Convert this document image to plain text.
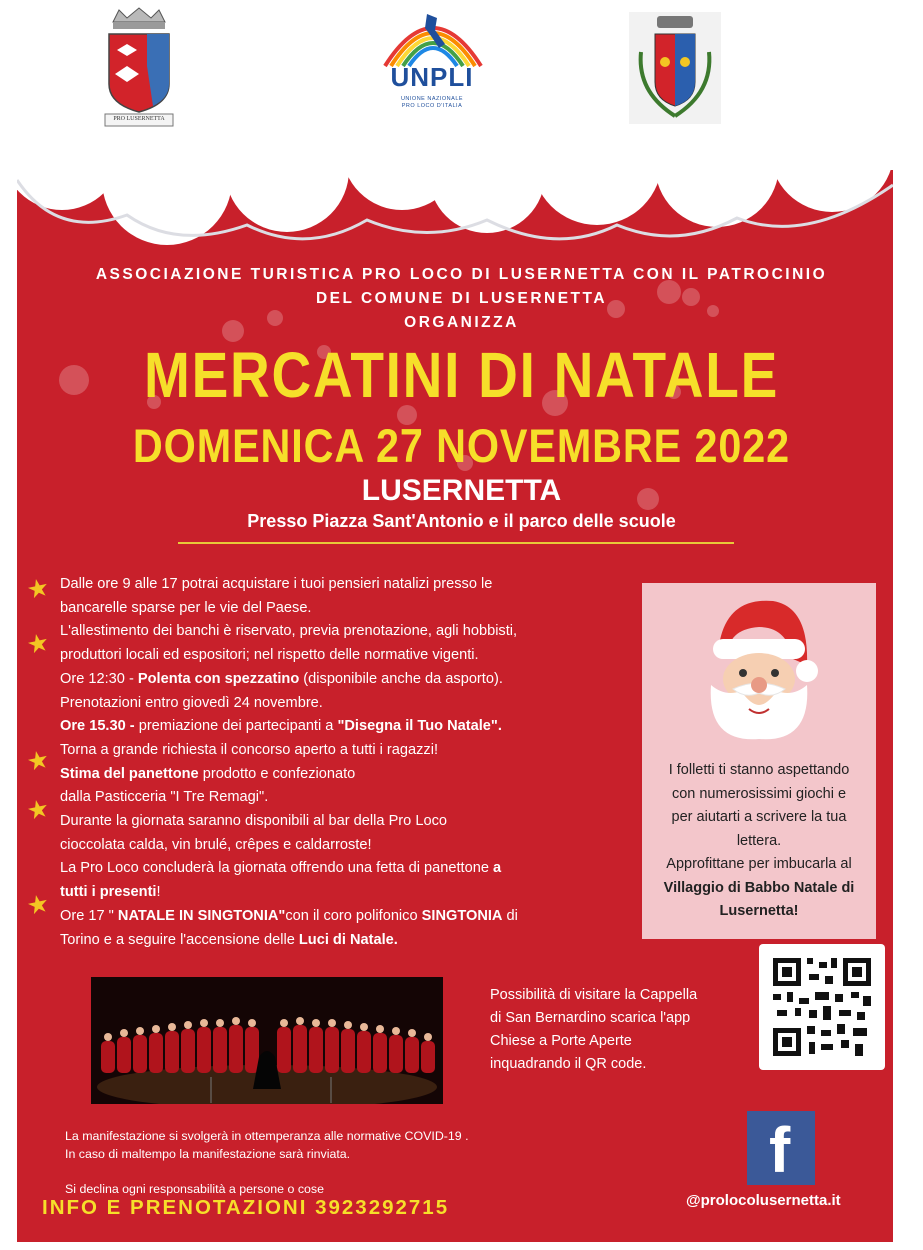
PRO LUSERNETTA
UNPLI
UNIONE NAZIONALE
PRO LOCO D'ITALIA
ASSOCIAZIONE TURISTICA PRO LOCO DI LUSERNETTA CON IL PATROCINIO
DEL COMUNE DI LUSERNETTA
ORGANIZZA
MERCATINI DI NATALE
DOMENICA 27 NOVEMBRE 2022
LUSERNETTA
Presso Piazza Sant'Antonio e il parco delle scuole
★
★
★
★
★

Dalle ore 9 alle 17 potrai acquistare i tuoi pensieri natalizi presso le

bancarelle sparse per le vie del Paese.

L'allestimento dei banchi è riservato, previa prenotazione, agli hobbisti,

produttori locali ed espositori; nel rispetto delle normative vigenti.

Ore 12:30 - Polenta con spezzatino (disponibile anche da asporto).

Prenotazioni entro giovedì 24 novembre.

Ore 15.30 - premiazione dei partecipanti a "Disegna il Tuo Natale".

Torna a grande richiesta il concorso aperto a tutti i ragazzi!

Stima del panettone prodotto e confezionato

dalla Pasticceria "I Tre Remagi".

Durante la giornata saranno disponibili al bar della Pro Loco

cioccolata calda, vin brulé, crêpes e caldarroste!

La Pro Loco concluderà la giornata offrendo una fetta di panettone a

tutti i presenti!

Ore 17 " NATALE IN SINGTONIA"con il coro polifonico SINGTONIA di

Torino e a seguire l'accensione delle Luci di Natale.

I folletti ti stanno aspettando
con numerosissimi giochi e
per aiutarti a scrivere la tua
lettera.
Approfittane per imbucarla al
Villaggio di Babbo Natale di
Lusernetta!

Possibilità di visitare la Cappella

di San Bernardino scarica l'app

Chiese a Porte Aperte

inquadrando il QR code.

La manifestazione si svolgerà in ottemperanza alle normative COVID-19 .

In caso di maltempo la manifestazione sarà rinviata.

Si declina ogni responsabilità a persone o cose
INFO E PRENOTAZIONI 3923292715
f
@prolocolusernetta.it
